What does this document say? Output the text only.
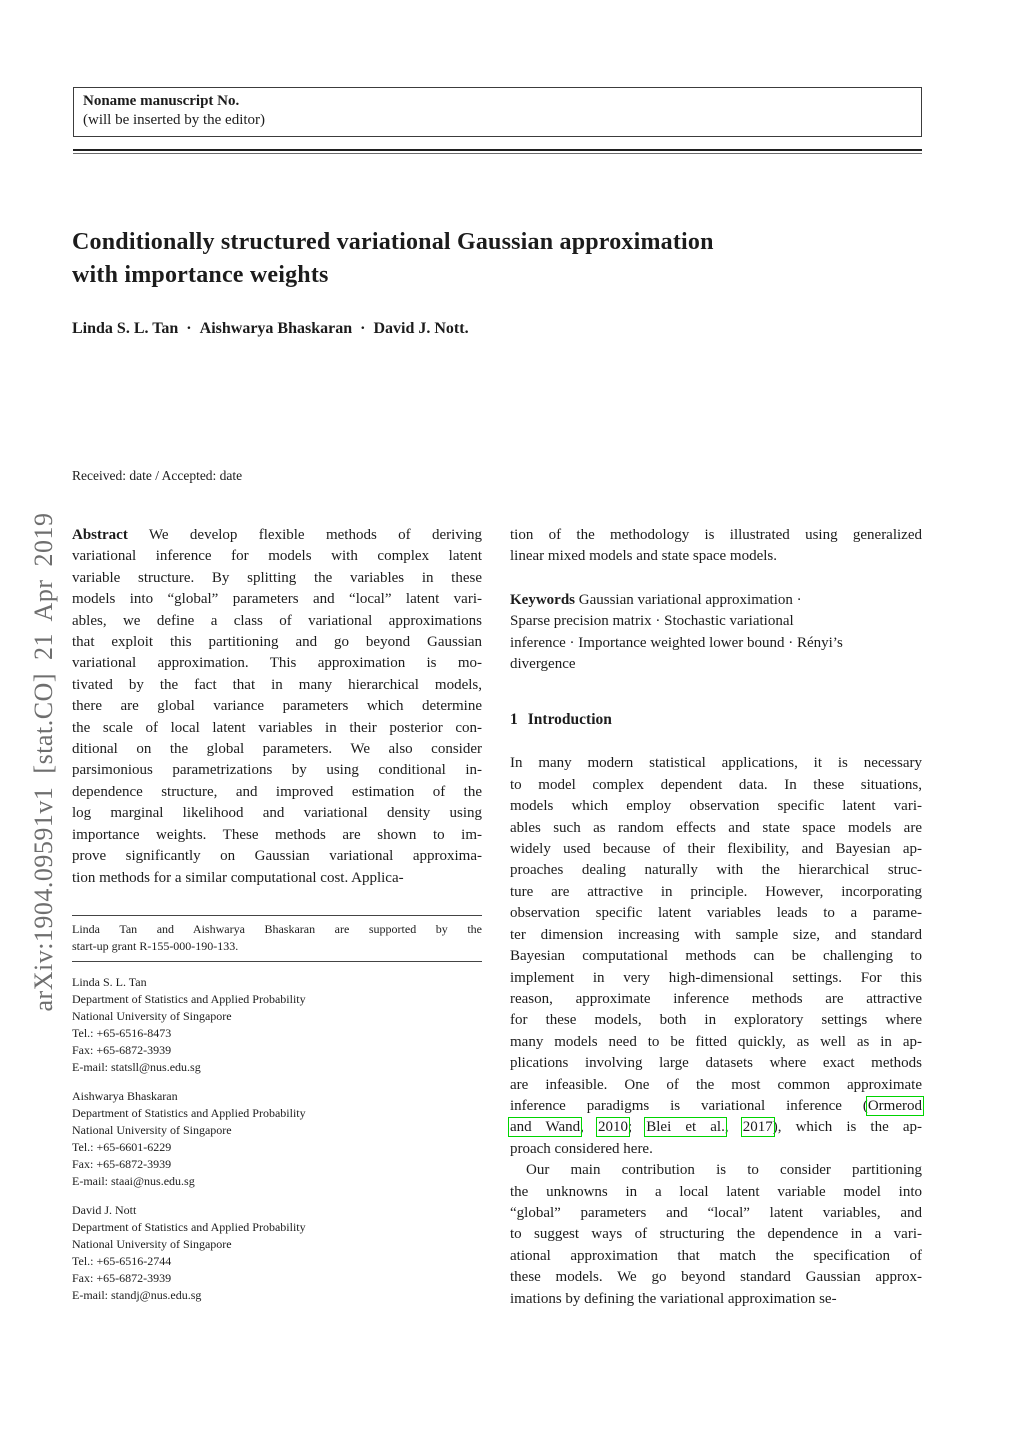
arXiv:1904.09591v1 [stat.CO] 21 Apr 2019
Noname manuscript No.
(will be inserted by the editor)
Conditionally structured variational Gaussian approximation
with importance weights
Linda S. L. Tan · Aishwarya Bhaskaran · David J. Nott.
Received: date / Accepted: date
Abstract We develop flexible methods of deriving
variational inference for models with complex latent
variable structure. By splitting the variables in these
models into “global” parameters and “local” latent vari-
ables, we define a class of variational approximations
that exploit this partitioning and go beyond Gaussian
variational approximation. This approximation is mo-
tivated by the fact that in many hierarchical models,
there are global variance parameters which determine
the scale of local latent variables in their posterior con-
ditional on the global parameters. We also consider
parsimonious parametrizations by using conditional in-
dependence structure, and improved estimation of the
log marginal likelihood and variational density using
importance weights. These methods are shown to im-
prove significantly on Gaussian variational approxima-
tion methods for a similar computational cost. Applica-
Linda Tan and Aishwarya Bhaskaran are supported by the
start-up grant R-155-000-190-133.
Linda S. L. Tan
Department of Statistics and Applied Probability
National University of Singapore
Tel.: +65-6516-8473
Fax: +65-6872-3939
E-mail: statsll@nus.edu.sg
Aishwarya Bhaskaran
Department of Statistics and Applied Probability
National University of Singapore
Tel.: +65-6601-6229
Fax: +65-6872-3939
E-mail: staai@nus.edu.sg
David J. Nott
Department of Statistics and Applied Probability
National University of Singapore
Tel.: +65-6516-2744
Fax: +65-6872-3939
E-mail: standj@nus.edu.sg
tion of the methodology is illustrated using generalized
linear mixed models and state space models.
Keywords Gaussian variational approximation ·
Sparse precision matrix · Stochastic variational
inference · Importance weighted lower bound · Rényi’s
divergence
1 Introduction
In many modern statistical applications, it is necessary
to model complex dependent data. In these situations,
models which employ observation specific latent vari-
ables such as random effects and state space models are
widely used because of their flexibility, and Bayesian ap-
proaches dealing naturally with the hierarchical struc-
ture are attractive in principle. However, incorporating
observation specific latent variables leads to a parame-
ter dimension increasing with sample size, and standard
Bayesian computational methods can be challenging to
implement in very high-dimensional settings. For this
reason, approximate inference methods are attractive
for these models, both in exploratory settings where
many models need to be fitted quickly, as well as in ap-
plications involving large datasets where exact methods
are infeasible. One of the most common approximate
inference paradigms is variational inference (Ormerod
and Wand, 2010; Blei et al., 2017), which is the ap-
proach considered here.
Our main contribution is to consider partitioning
the unknowns in a local latent variable model into
“global” parameters and “local” latent variables, and
to suggest ways of structuring the dependence in a vari-
ational approximation that match the specification of
these models. We go beyond standard Gaussian approx-
imations by defining the variational approximation se-
